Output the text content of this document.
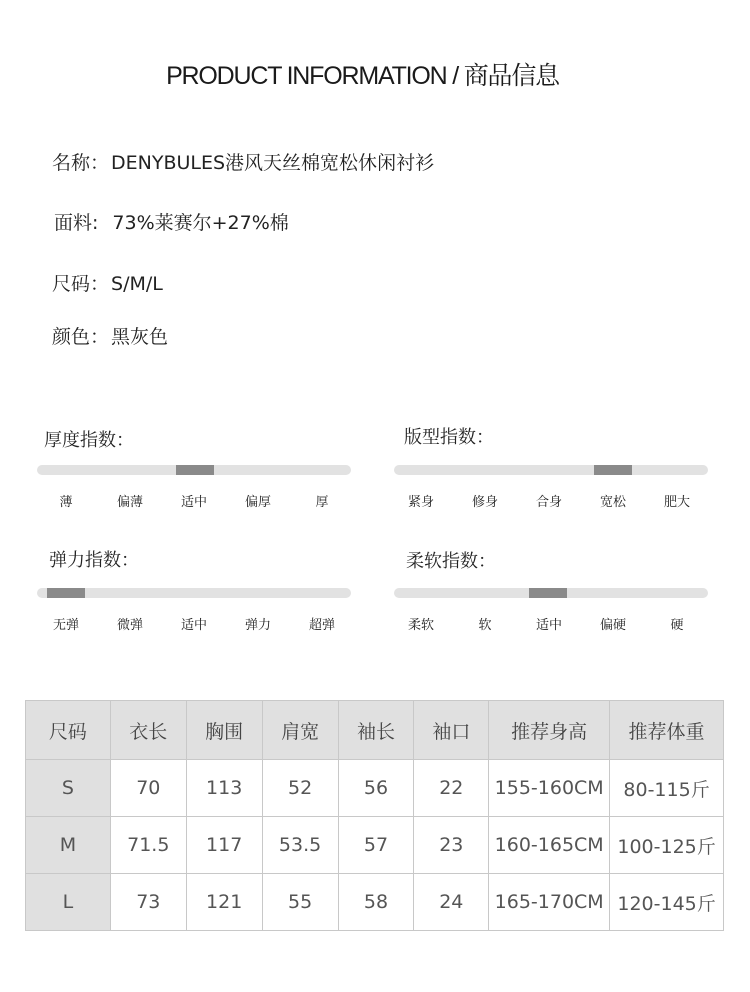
PRODUCT INFORMATION / 商品信息
名称： DENYBULES港风天丝棉宽松休闲衬衫
面料: 73%莱赛尔+27%棉
尺码： S/M/L
颜色： 黑灰色
厚度指数：
薄	偏薄	适中	偏厚	厚
版型指数：
紧身	修身	合身	宽松	肥大
弹力指数：
无弹	微弹	适中	弹力	超弹
柔软指数：
柔软	软	适中	偏硬	硬
尺码	衣长	胸围	肩宽	袖长	袖口	推荐身高	推荐体重
S	70	113	52	56	22	155-160CM	80-115斤
M	71.5	117	53.5	57	23	160-165CM	100-125斤
L	73	121	55	58	24	165-170CM	120-145斤
